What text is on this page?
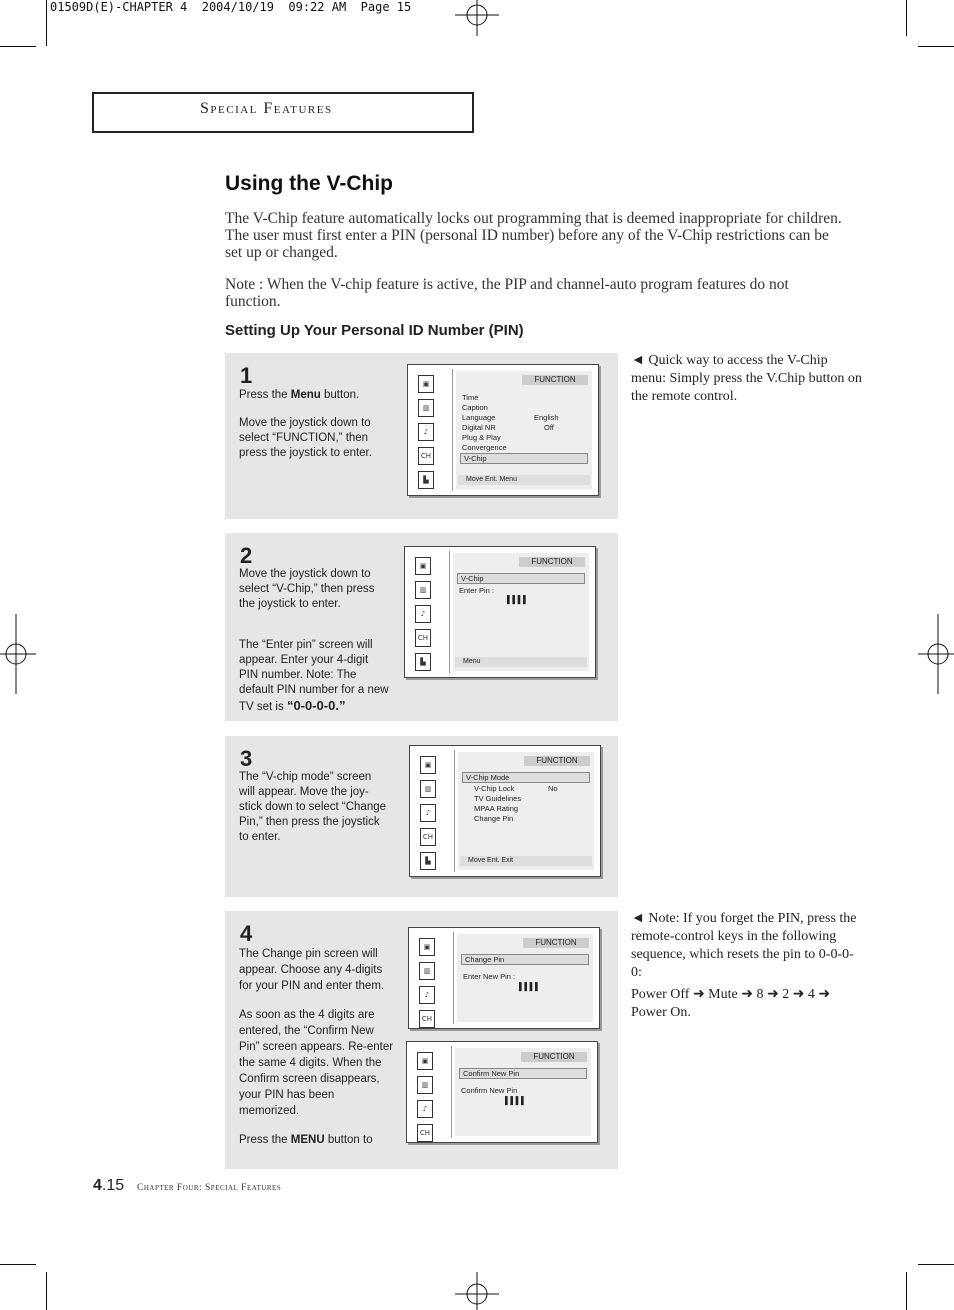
01509D(E)-CHAPTER 4  2004/10/19  09:22 AM  Page 15
Special Features
Using the V-Chip
The V-Chip feature automatically locks out programming that is deemed inappropriate for children. The user must first enter a PIN (personal ID number) before any of the V-Chip restrictions can be set up or changed.
Note : When the V-chip feature is active, the PIP and channel-auto program features do not function.
Setting Up Your Personal ID Number (PIN)
1

Press the Menu button.

Move the joystick down to select “FUNCTION,” then press the joystick to enter.

▣
▥
♪
CH
▙
FUNCTION
Time
Caption
Language	English
Digital NR	Off
Plug & Play
Convergence
V-Chip
Move Ent. Menu
2

Move the joystick down to select “V-Chip,” then press the joystick to enter.

The “Enter pin” screen will appear. Enter your 4-digit PIN number. Note: The default PIN number for a new TV set is “0-0-0-0.”

▣
▥
♪
CH
▙
FUNCTION
V-Chip
Enter Pin :
▌▌▌▌
Menu
3

The “V-chip mode” screen will appear. Move the joy-stick down to select “Change Pin,” then press the joystick to enter.

▣
▥
♪
CH
▙
FUNCTION
V-Chip Mode
V-Chip Lock	No
TV Guidelines
MPAA Rating
Change Pin
Move Ent. Exit
4

The Change pin screen will appear. Choose any 4-digits for your PIN and enter them.

As soon as the 4 digits are entered, the “Confirm New Pin” screen appears. Re-enter the same 4 digits. When the Confirm screen disappears, your PIN has been memorized.

Press the MENU button to

▣
▥
♪
CH
FUNCTION
Change Pin
Enter New Pin :
▌▌▌▌
▣
▥
♪
CH
FUNCTION
Confirm New Pin
Confirm New Pin
▌▌▌▌

◄ Quick way to access the V-Chip menu: Simply press the V.Chip button on the remote control.

◄ Note: If you forget the PIN, press the remote-control keys in the following sequence, which resets the pin to 0-0-0-0:

Power Off ➜ Mute ➜ 8 ➜ 2 ➜ 4 ➜ Power On.

4.15 Chapter Four: Special Features
